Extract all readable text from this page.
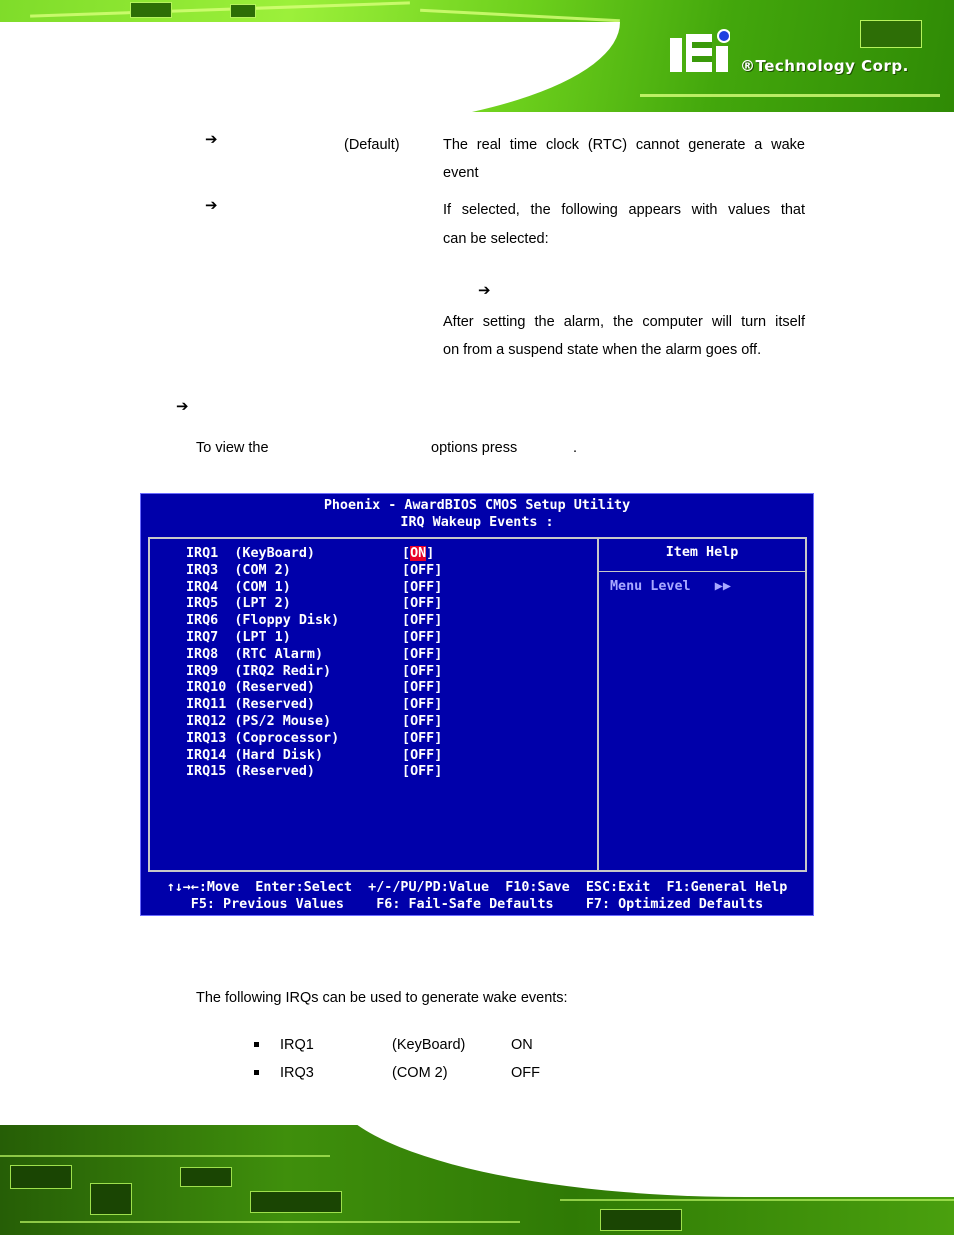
®Technology Corp.
➔	(Default)	The real time clock (RTC) cannot generate a wake
event
➔	If selected, the following appears with values that
can be selected:
➔
After setting the alarm, the computer will turn itself
on from a suspend state when the alarm goes off.
➔
To view the	options press	.
Phoenix - AwardBIOS CMOS Setup Utility
IRQ Wakeup Events :
IRQ1  (KeyBoard)	[ON]
IRQ3  (COM 2)	[OFF]
IRQ4  (COM 1)	[OFF]
IRQ5  (LPT 2)	[OFF]
IRQ6  (Floppy Disk)	[OFF]
IRQ7  (LPT 1)	[OFF]
IRQ8  (RTC Alarm)	[OFF]
IRQ9  (IRQ2 Redir)	[OFF]
IRQ10 (Reserved)	[OFF]
IRQ11 (Reserved)	[OFF]
IRQ12 (PS/2 Mouse)	[OFF]
IRQ13 (Coprocessor)	[OFF]
IRQ14 (Hard Disk)	[OFF]
IRQ15 (Reserved)	[OFF]
Item Help
Menu Level   ▶▶
↑↓→←:Move  Enter:Select  +/-/PU/PD:Value  F10:Save  ESC:Exit  F1:General Help
F5: Previous Values    F6: Fail-Safe Defaults    F7: Optimized Defaults
The following IRQs can be used to generate wake events:
IRQ1	(KeyBoard)	ON
IRQ3	(COM 2)	OFF
